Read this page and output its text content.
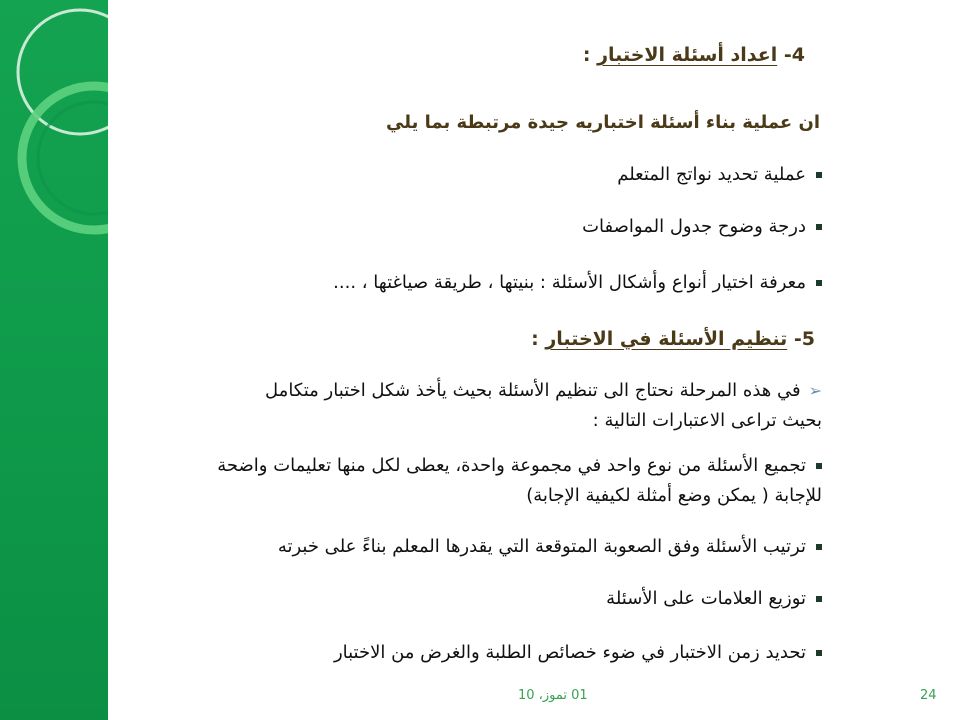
4- اعداد أسئلة الاختبار :
ان عملية بناء أسئلة اختباريه جيدة مرتبطة بما يلي
عملية تحديد نواتج المتعلم
درجة وضوح جدول المواصفات
معرفة اختيار أنواع وأشكال الأسئلة : بنيتها ، طريقة صياغتها ، ....
5- تنظيم الأسئلة في الاختبار :
➢في هذه المرحلة نحتاج الى تنظيم الأسئلة بحيث يأخذ شكل اختبار متكامل
بحيث تراعى الاعتبارات التالية :
تجميع الأسئلة من نوع واحد في مجموعة واحدة، يعطى لكل منها تعليمات واضحة
للإجابة ( يمكن وضع أمثلة لكيفية الإجابة)
ترتيب الأسئلة وفق الصعوبة المتوقعة التي يقدرها المعلم بناءً على خبرته
توزيع العلامات على الأسئلة
تحديد زمن الاختبار في ضوء خصائص الطلبة والغرض من الاختبار
01 تموز، 10	24
